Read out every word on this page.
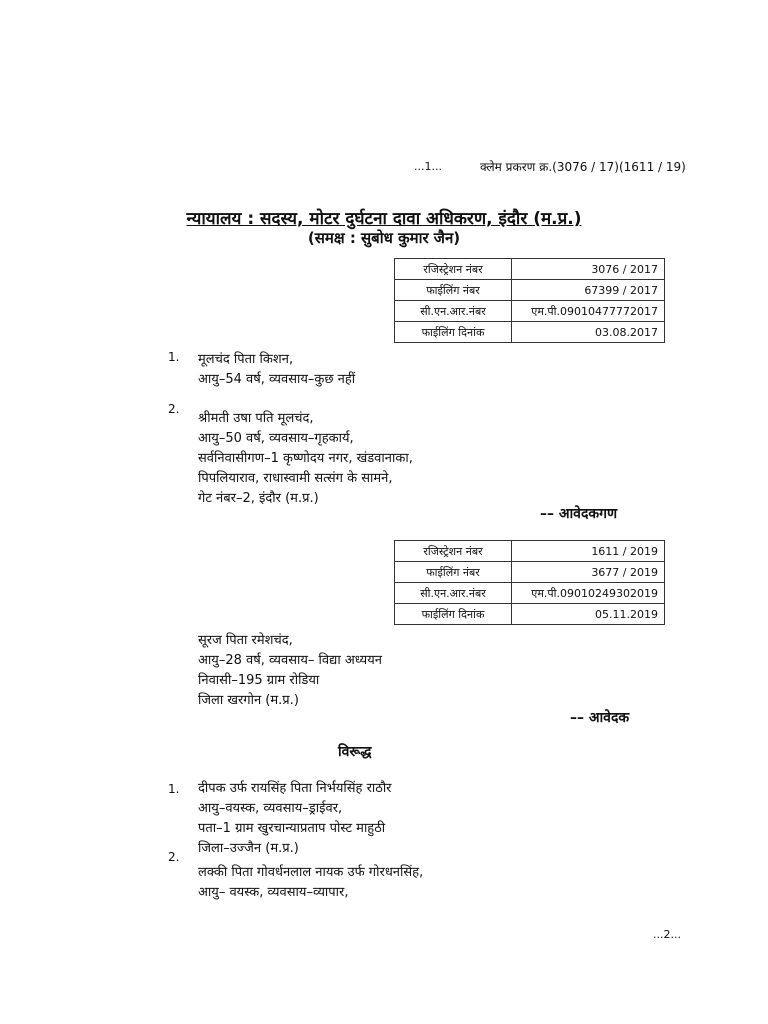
...1...	क्लेम प्रकरण क्र.(3076 / 17)(1611 / 19)
न्यायालय : सदस्य, मोटर दुर्घटना दावा अधिकरण, इंदौर (म.प्र.)
(समक्ष : सुबोध कुमार जैन)
रजिस्ट्रेशन नंबर	3076 / 2017
फाईलिंग नंबर	67399 / 2017
सी.एन.आर.नंबर	एम.पी.09010477772017
फाईलिंग दिनांक	03.08.2017
1. मूलचंद पिता किशन,
आयु–54 वर्ष, व्यवसाय–कुछ नहीं
2.
श्रीमती उषा पति मूलचंद,
आयु–50 वर्ष, व्यवसाय–गृहकार्य,
सर्वनिवासीगण–1 कृष्णोदय नगर, खंडवानाका,
पिपलियाराव, राधास्वामी सत्संग के सामने,
गेट नंबर–2, इंदौर (म.प्र.)
–– आवेदकगण
रजिस्ट्रेशन नंबर	1611 / 2019
फाईलिंग नंबर	3677 / 2019
सी.एन.आर.नंबर	एम.पी.09010249302019
फाईलिंग दिनांक	05.11.2019
सूरज पिता रमेशचंद,
आयु–28 वर्ष, व्यवसाय– विद्या अध्ययन
निवासी–195 ग्राम रोडिया
जिला खरगोन (म.प्र.)
–– आवेदक
विरूद्ध
1. दीपक उर्फ रायसिंह पिता निर्भयसिंह राठौर
आयु–वयस्क, व्यवसाय–ड्राईवर,
पता–1 ग्राम खुरचान्याप्रताप पोस्ट माहुठी
जिला–उज्जैन (म.प्र.)
2.
लक्की पिता गोवर्धनलाल नायक उर्फ गोरधनसिंह,
आयु– वयस्क, व्यवसाय–व्यापार,
...2...
